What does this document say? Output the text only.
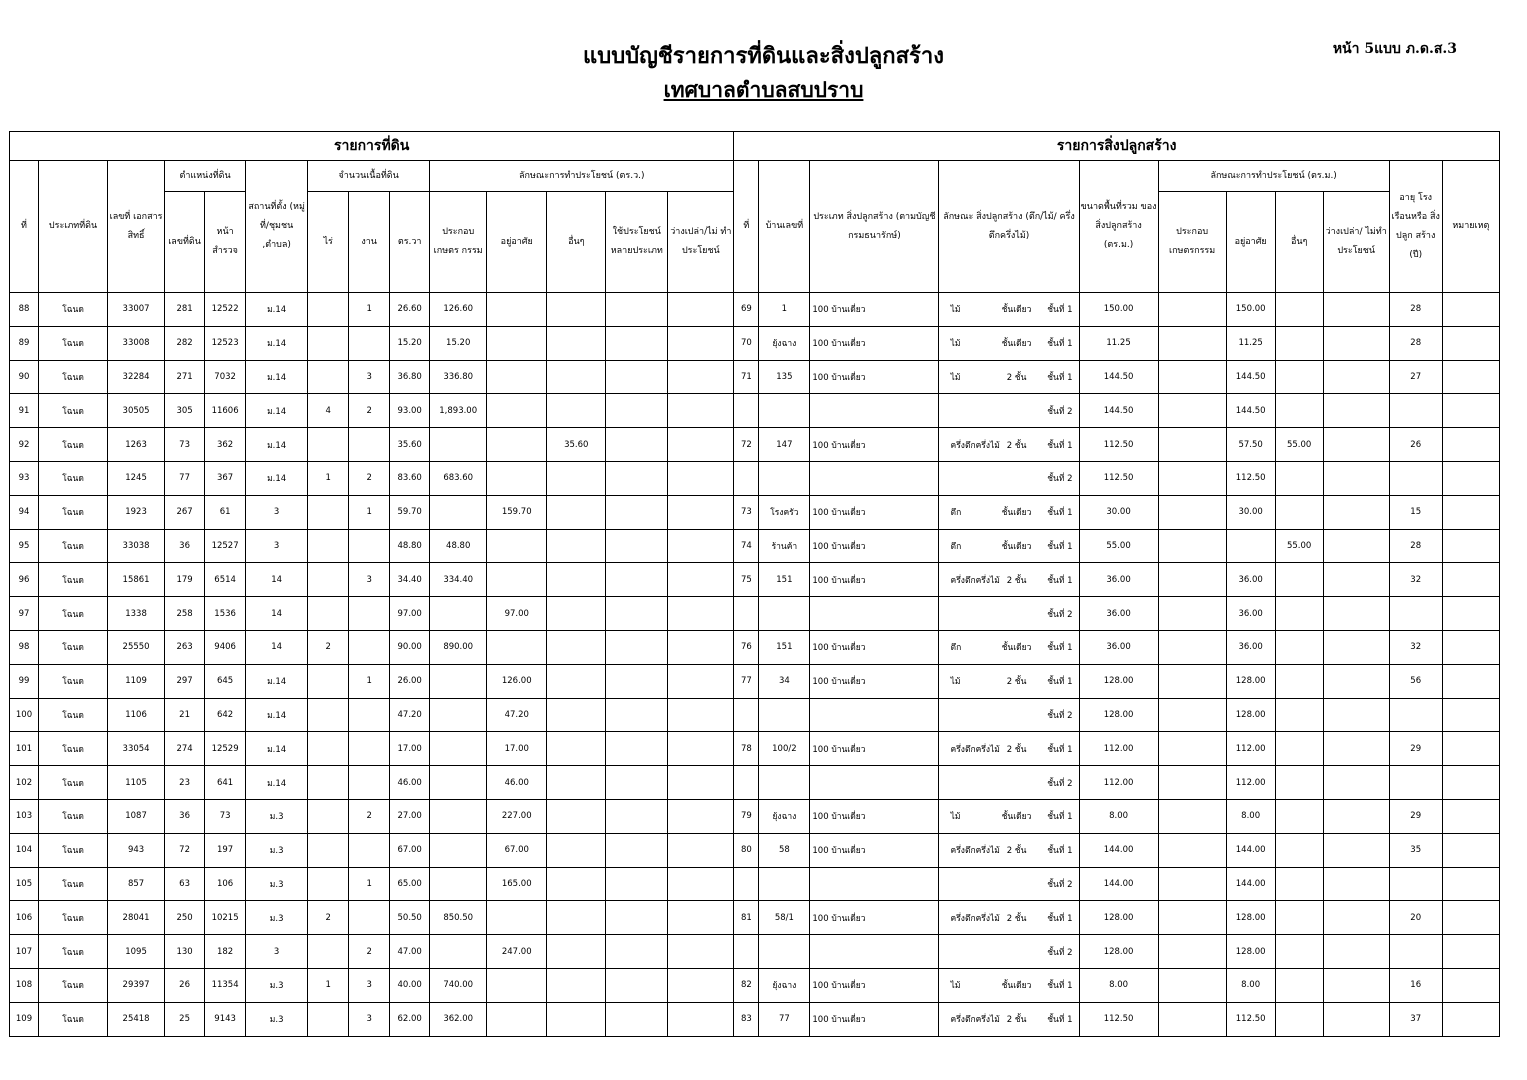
แบบบัญชีรายการที่ดินและสิ่งปลูกสร้าง
เทศบาลตำบลสบปราบ
หน้า 5แบบ ภ.ด.ส.3
รายการที่ดิน														รายการสิ่งปลูกสร้าง										
ที่	ประเภทที่ดิน	เลขที่ เอกสารสิทธิ์	ตำแหน่งที่ดิน		สถานที่ตั้ง (หมู่ที่/ชุมชน ,ตำบล)	จำนวนเนื้อที่ดิน			ลักษณะการทำประโยชน์ (ตร.ว.)					ที่	บ้านเลขที่	ประเภท สิ่งปลูกสร้าง (ตามบัญชีกรมธนารักษ์)	ลักษณะ สิ่งปลูกสร้าง (ตึก/ไม้/ ครึ่งตึกครึ่งไม้)	ขนาดพื้นที่รวม ของสิ่งปลูกสร้าง (ตร.ม.)	ลักษณะการทำประโยชน์ (ตร.ม.)				อายุ โรงเรือนหรือ สิ่งปลูก สร้าง (ปี)	หมายเหตุ
			เลขที่ดิน	หน้า สำรวจ		ไร่	งาน	ตร.วา	ประกอบ เกษตร กรรม	อยู่อาศัย	อื่นๆ	ใช้ประโยชน์ หลายประเภท	ว่างเปล่า/ไม่ ทำประโยชน์						ประกอบ เกษตรกรรม	อยู่อาศัย	อื่นๆ	ว่างเปล่า/ ไม่ทำประโยชน์		
88	โฉนด	33007	281	12522	ม.14		1	26.60	126.60					69	1	100 บ้านเดี่ยว	ไม้ ชั้นเดียว ชั้นที่ 1	150.00		150.00			28	
89	โฉนด	33008	282	12523	ม.14			15.20	15.20					70	ยุ้งฉาง	100 บ้านเดี่ยว	ไม้ ชั้นเดียว ชั้นที่ 1	11.25		11.25			28	
90	โฉนด	32284	271	7032	ม.14		3	36.80	336.80					71	135	100 บ้านเดี่ยว	ไม้ 2 ชั้น ชั้นที่ 1	144.50		144.50			27	
91	โฉนด	30505	305	11606	ม.14	4	2	93.00	1,893.00								ชั้นที่ 2	144.50		144.50				
92	โฉนด	1263	73	362	ม.14			35.60			35.60			72	147	100 บ้านเดี่ยว	ครึ่งตึกครึ่งไม้ 2 ชั้น ชั้นที่ 1	112.50		57.50	55.00		26	
93	โฉนด	1245	77	367	ม.14	1	2	83.60	683.60								ชั้นที่ 2	112.50		112.50				
94	โฉนด	1923	267	61	3		1	59.70		159.70				73	โรงครัว	100 บ้านเดี่ยว	ตึก ชั้นเดียว ชั้นที่ 1	30.00		30.00			15	
95	โฉนด	33038	36	12527	3			48.80	48.80					74	ร้านค้า	100 บ้านเดี่ยว	ตึก ชั้นเดียว ชั้นที่ 1	55.00			55.00		28	
96	โฉนด	15861	179	6514	14		3	34.40	334.40					75	151	100 บ้านเดี่ยว	ครึ่งตึกครึ่งไม้ 2 ชั้น ชั้นที่ 1	36.00		36.00			32	
97	โฉนด	1338	258	1536	14			97.00		97.00							ชั้นที่ 2	36.00		36.00				
98	โฉนด	25550	263	9406	14	2		90.00	890.00					76	151	100 บ้านเดี่ยว	ตึก ชั้นเดียว ชั้นที่ 1	36.00		36.00			32	
99	โฉนด	1109	297	645	ม.14		1	26.00		126.00				77	34	100 บ้านเดี่ยว	ไม้ 2 ชั้น ชั้นที่ 1	128.00		128.00			56	
100	โฉนด	1106	21	642	ม.14			47.20		47.20							ชั้นที่ 2	128.00		128.00				
101	โฉนด	33054	274	12529	ม.14			17.00		17.00				78	100/2	100 บ้านเดี่ยว	ครึ่งตึกครึ่งไม้ 2 ชั้น ชั้นที่ 1	112.00		112.00			29	
102	โฉนด	1105	23	641	ม.14			46.00		46.00							ชั้นที่ 2	112.00		112.00				
103	โฉนด	1087	36	73	ม.3		2	27.00		227.00				79	ยุ้งฉาง	100 บ้านเดี่ยว	ไม้ ชั้นเดียว ชั้นที่ 1	8.00		8.00			29	
104	โฉนด	943	72	197	ม.3			67.00		67.00				80	58	100 บ้านเดี่ยว	ครึ่งตึกครึ่งไม้ 2 ชั้น ชั้นที่ 1	144.00		144.00			35	
105	โฉนด	857	63	106	ม.3		1	65.00		165.00							ชั้นที่ 2	144.00		144.00				
106	โฉนด	28041	250	10215	ม.3	2		50.50	850.50					81	58/1	100 บ้านเดี่ยว	ครึ่งตึกครึ่งไม้ 2 ชั้น ชั้นที่ 1	128.00		128.00			20	
107	โฉนด	1095	130	182	3		2	47.00		247.00							ชั้นที่ 2	128.00		128.00				
108	โฉนด	29397	26	11354	ม.3	1	3	40.00	740.00					82	ยุ้งฉาง	100 บ้านเดี่ยว	ไม้ ชั้นเดียว ชั้นที่ 1	8.00		8.00			16	
109	โฉนด	25418	25	9143	ม.3		3	62.00	362.00					83	77	100 บ้านเดี่ยว	ครึ่งตึกครึ่งไม้ 2 ชั้น ชั้นที่ 1	112.50		112.50			37	
